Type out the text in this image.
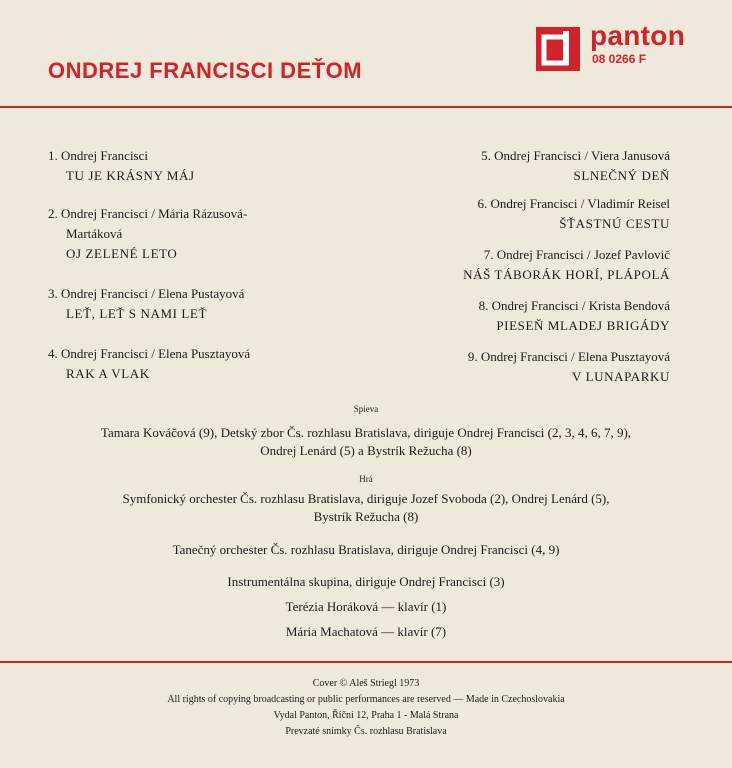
ONDREJ FRANCISCI DEŤOM
panton
08 0266 F
1. Ondrej Francisci
TU JE KRÁSNY MÁJ
2. Ondrej Francisci / Mária Rázusová-
Martáková
OJ ZELENÉ LETO
3. Ondrej Francisci / Elena Pustayová
LEŤ, LEŤ S NAMI LEŤ
4. Ondrej Francisci / Elena Pusztayová
RAK A VLAK
5. Ondrej Francisci / Viera Janusová
SLNEČNÝ DEŇ
6. Ondrej Francisci / Vladimír Reisel
ŠŤASTNÚ CESTU
7. Ondrej Francisci / Jozef Pavlovič
NÁŠ TÁBORÁK HORÍ, PLÁPOLÁ
8. Ondrej Francisci / Krista Bendová
PIESEŇ MLADEJ BRIGÁDY
9. Ondrej Francisci / Elena Pusztayová
V LUNAPARKU
Spieva
Tamara Kováčová (9), Detský zbor Čs. rozhlasu Bratislava, diriguje Ondrej Francisci (2, 3, 4, 6, 7, 9),
Ondrej Lenárd (5) a Bystrík Režucha (8)
Hrá
Symfonický orchester Čs. rozhlasu Bratislava, diriguje Jozef Svoboda (2), Ondrej Lenárd (5),
Bystrík Režucha (8)
Tanečný orchester Čs. rozhlasu Bratislava, diriguje Ondrej Francisci (4, 9)
Instrumentálna skupina, diriguje Ondrej Francisci (3)
Terézia Horáková — klavír (1)
Mária Machatová — klavír (7)
Cover © Aleš Striegl 1973
All rights of copying broadcasting or public performances are reserved — Made in Czechoslovakia
Vydal Panton, Říční 12, Praha 1 - Malá Strana
Prevzaté snímky Čs. rozhlasu Bratislava
